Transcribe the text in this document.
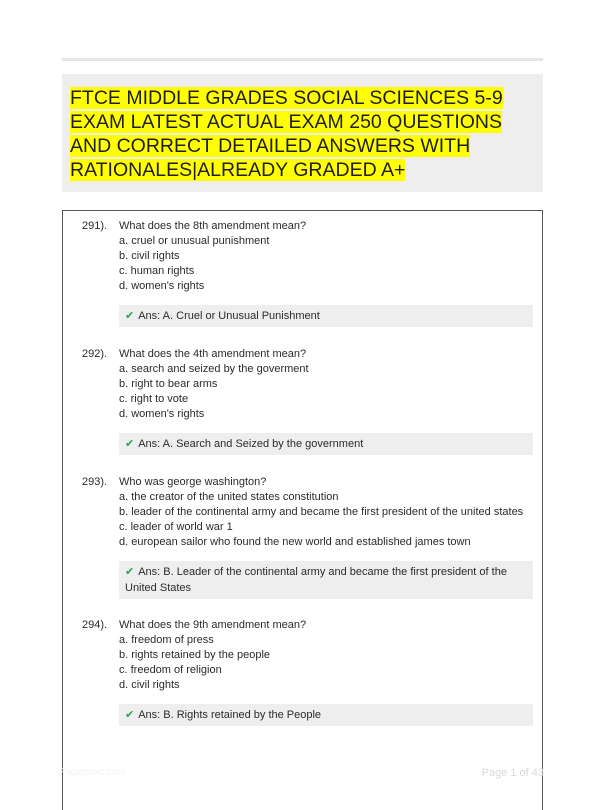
FTCE MIDDLE GRADES SOCIAL SCIENCES 5-9 EXAM LATEST ACTUAL EXAM 250 QUESTIONS AND CORRECT DETAILED ANSWERS WITH RATIONALES|ALREADY GRADED A+
291). What does the 8th amendment mean?

a. cruel or unusual punishment

b. civil rights

c. human rights

d. women's rights

✔ Ans: A. Cruel or Unusual Punishment
292). What does the 4th amendment mean?

a. search and seized by the goverment

b. right to bear arms

c. right to vote

d. women's rights

✔ Ans: A. Search and Seized by the government
293). Who was george washington?

a. the creator of the united states constitution

b. leader of the continental army and became the first president of the united states

c. leader of world war 1

d. european sailor who found the new world and established james town

✔ Ans: B. Leader of the continental army and became the first president of the United States
294). What does the 9th amendment mean?

a. freedom of press

b. rights retained by the people

c. freedom of religion

d. civil rights

✔ Ans: B. Rights retained by the People
Papersbic.com	Page 1 of 43
